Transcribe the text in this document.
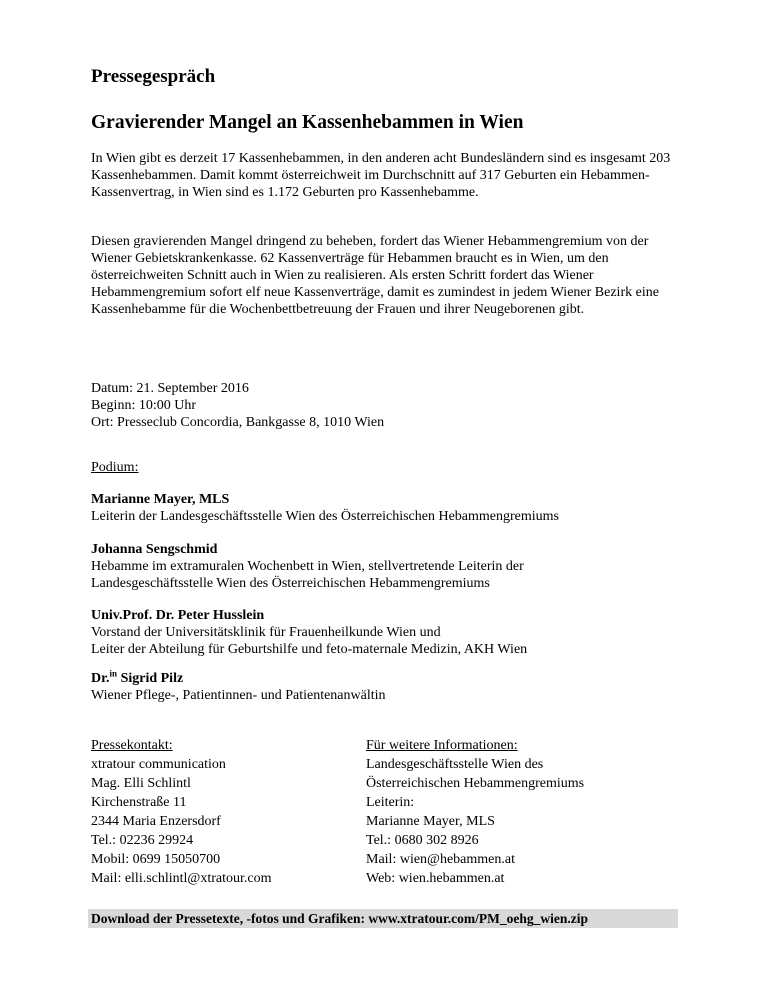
Pressegespräch
Gravierender Mangel an Kassenhebammen in Wien

In Wien gibt es derzeit 17 Kassenhebammen, in den anderen acht Bundesländern sind es insgesamt 203 Kassenhebammen. Damit kommt österreichweit im Durchschnitt auf 317 Geburten ein Hebammen-Kassenvertrag, in Wien sind es 1.172 Geburten pro Kassenhebamme.

Diesen gravierenden Mangel dringend zu beheben, fordert das Wiener Hebammengremium von der Wiener Gebietskrankenkasse. 62 Kassenverträge für Hebammen braucht es in Wien, um den österreichweiten Schnitt auch in Wien zu realisieren. Als ersten Schritt fordert das Wiener Hebammengremium sofort elf neue Kassenverträge, damit es zumindest in jedem Wiener Bezirk eine Kassenhebamme für die Wochenbettbetreuung der Frauen und ihrer Neugeborenen gibt.

Datum: 21. September 2016
Beginn: 10:00 Uhr
Ort: Presseclub Concordia, Bankgasse 8, 1010 Wien
Podium:
Marianne Mayer, MLS
Leiterin der Landesgeschäftsstelle Wien des Österreichischen Hebammengremiums
Johanna Sengschmid
Hebamme im extramuralen Wochenbett in Wien, stellvertretende Leiterin der
Landesgeschäftsstelle Wien des Österreichischen Hebammengremiums
Univ.Prof. Dr. Peter Husslein
Vorstand der Universitätsklinik für Frauenheilkunde Wien und
Leiter der Abteilung für Geburtshilfe und feto-maternale Medizin, AKH Wien
Dr.$^{in}$ Sigrid Pilz
Wiener Pflege-, Patientinnen- und Patientenanwältin
Pressekontakt:
xtratour communication
Mag. Elli Schlintl
Kirchenstraße 11
2344 Maria Enzersdorf
Tel.: 02236 29924
Mobil: 0699 15050700
Mail: elli.schlintl@xtratour.com
Für weitere Informationen:
Landesgeschäftsstelle Wien des
Österreichischen Hebammengremiums
Leiterin:
Marianne Mayer, MLS
Tel.: 0680 302 8926
Mail: wien@hebammen.at
Web: wien.hebammen.at
Download der Pressetexte, -fotos und Grafiken: www.xtratour.com/PM_oehg_wien.zip
